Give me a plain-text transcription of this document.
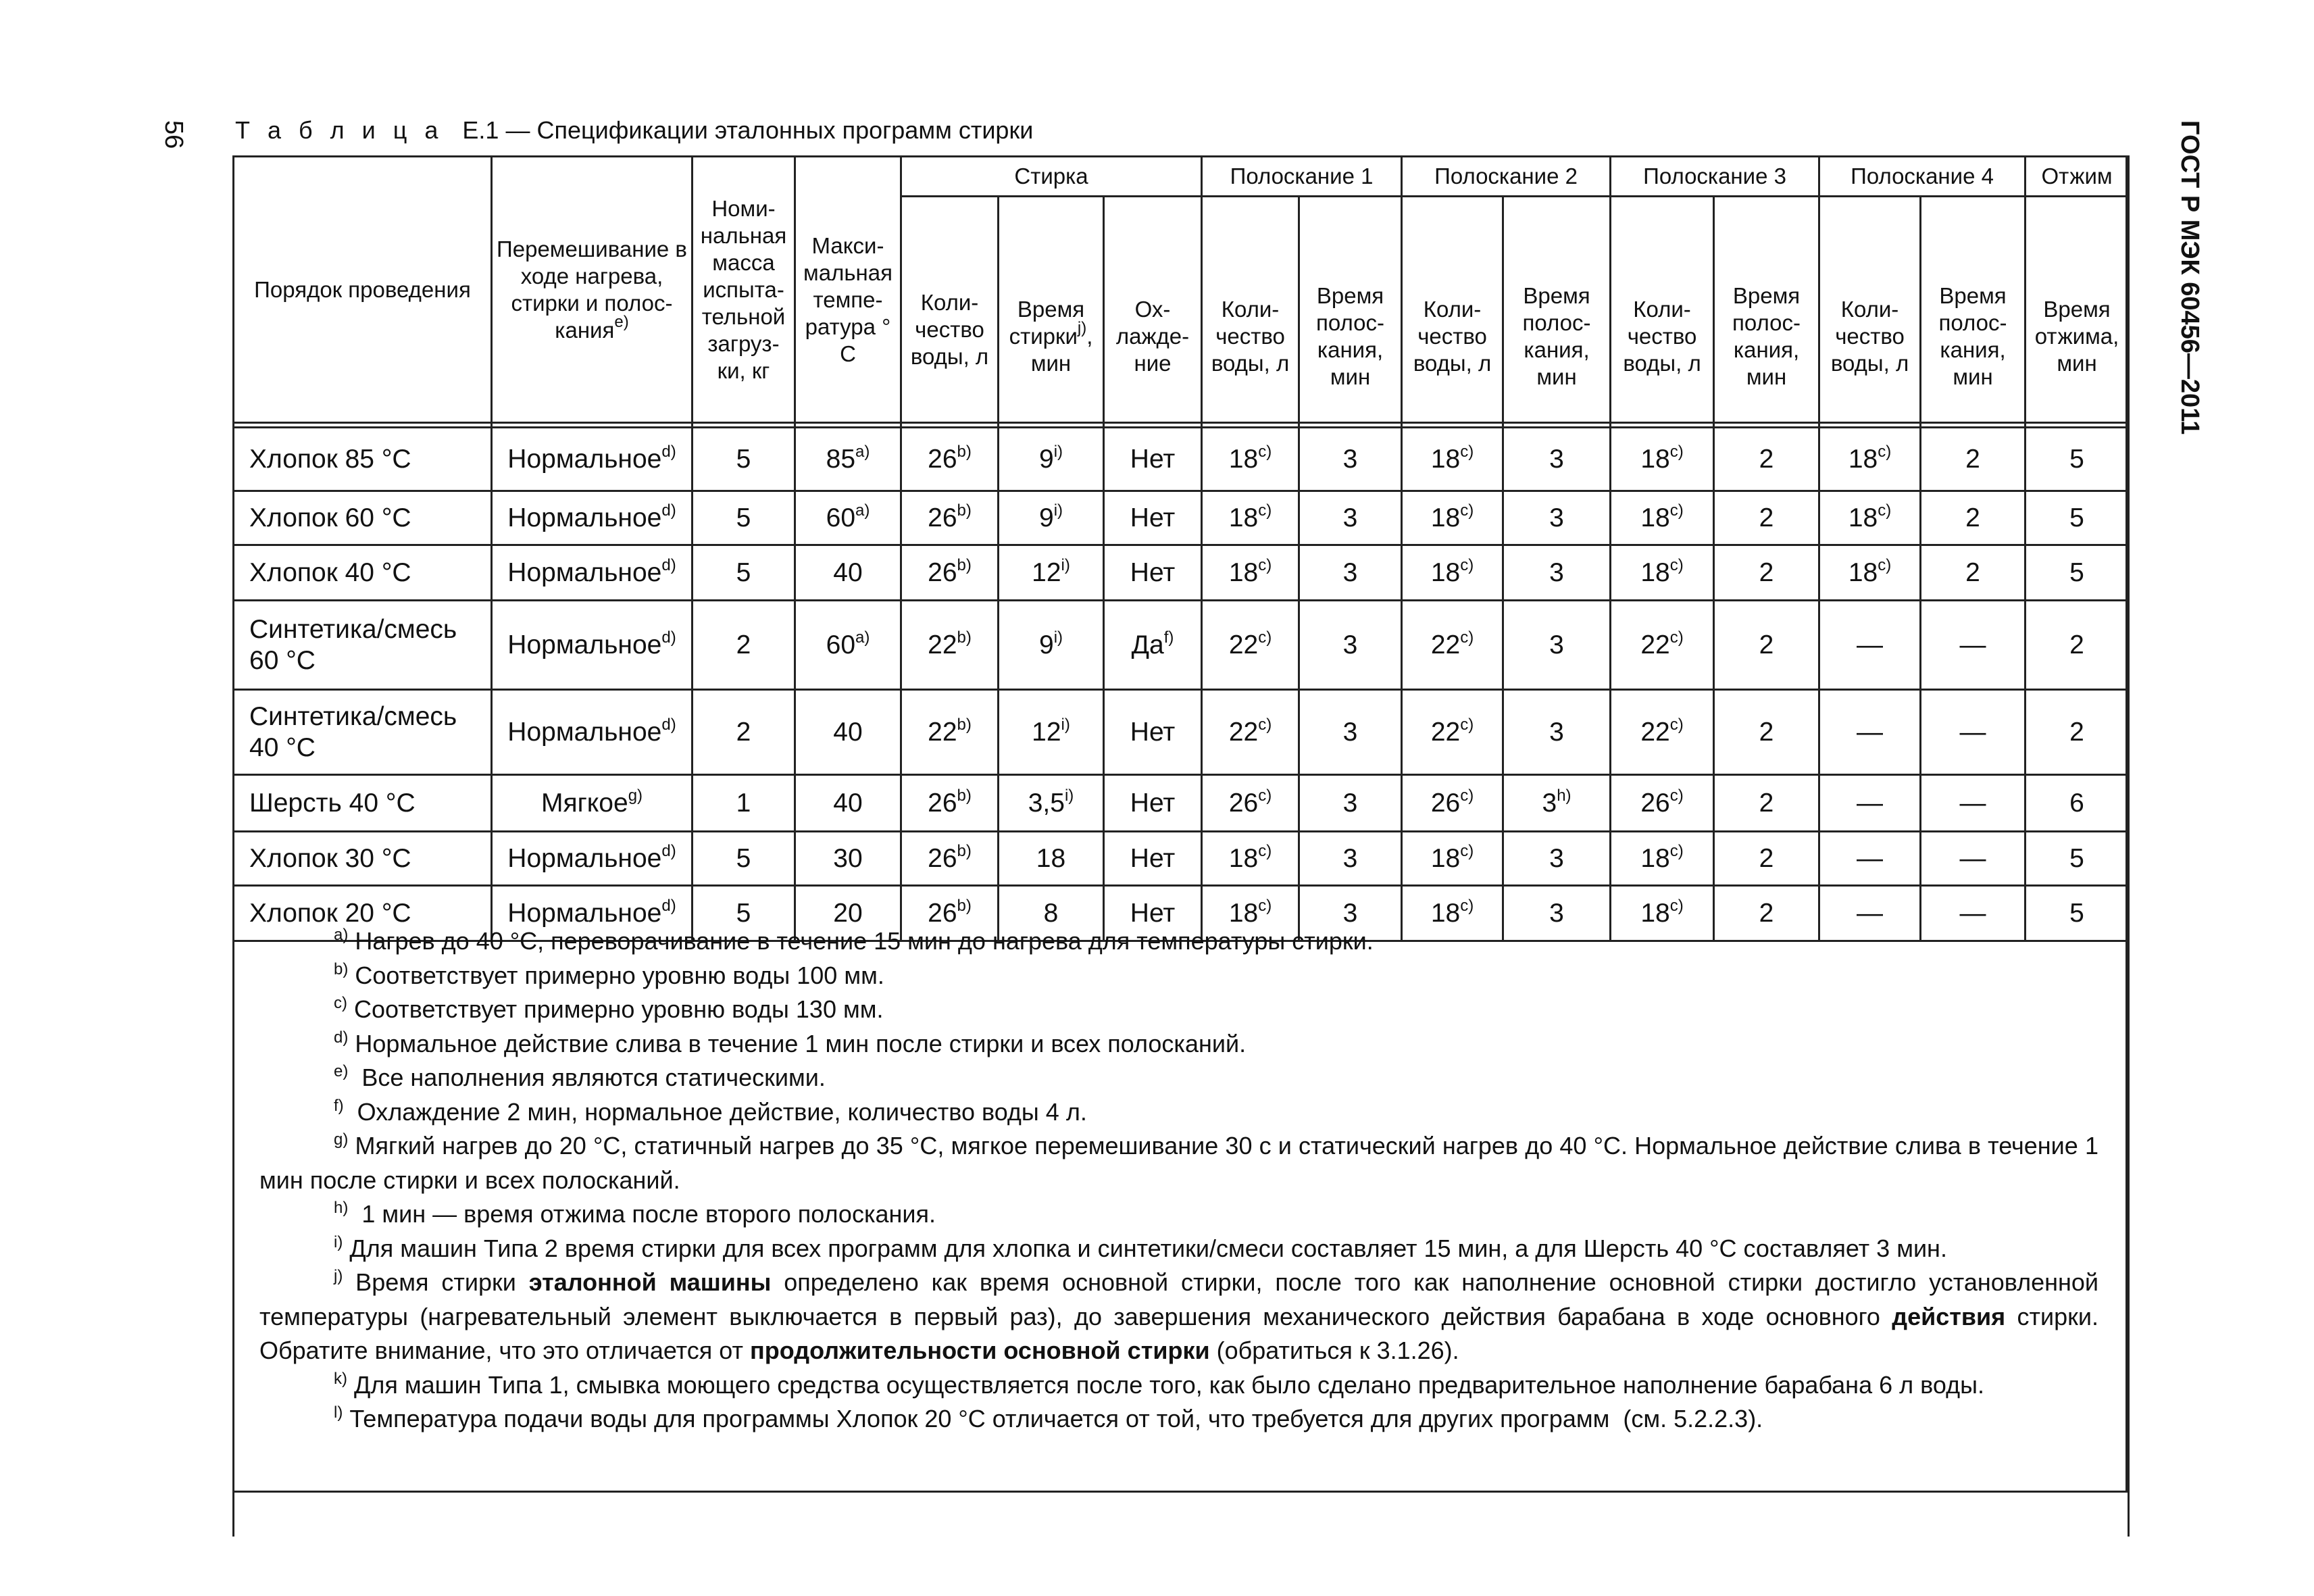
56	ГОСТ Р МЭК 60456—2011
Т а б л и ц а Е.1 — Спецификации эталонных программ стирки
Порядок проведения	Перемешивание в ходе нагрева, стирки и полоскания$^{е)}$	Номинальная масса испытательной загрузки, кг	Максимальная температура ° С	Стирка			Полоскание 1		Полоскание 2		Полоскание 3		Полоскание 4		Отжим
				Количество воды, л	Время стирки$^{j)}$, мин	Охлаждение	Количество воды, л	Время полоскания, мин	Количество воды, л	Время полоскания, мин	Количество воды, л	Время полоскания, мин	Количество воды, л	Время полоскания, мин	Время отжима, мин

Хлопок 85 °С	Нормальное$^{d)}$	5	85$^{a)}$	26$^{b)}$	9$^{i)}$	Нет	18$^{c)}$	3	18$^{c)}$	3	18$^{c)}$	2	18$^{c)}$	2	5
Хлопок 60 °С	Нормальное$^{d)}$	5	60$^{a)}$	26$^{b)}$	9$^{i)}$	Нет	18$^{c)}$	3	18$^{c)}$	3	18$^{c)}$	2	18$^{c)}$	2	5
Хлопок 40 °С	Нормальное$^{d)}$	5	40	26$^{b)}$	12$^{i)}$	Нет	18$^{c)}$	3	18$^{c)}$	3	18$^{c)}$	2	18$^{c)}$	2	5
Синтетика/смесь 60 °С	Нормальное$^{d)}$	2	60$^{a)}$	22$^{b)}$	9$^{i)}$	$Да^{f)}$	22$^{c)}$	3	22$^{c)}$	3	22$^{c)}$	2	—	—	2
Синтетика/смесь 40 °С	Нормальное$^{d)}$	2	40	22$^{b)}$	12$^{i)}$	Нет	22$^{c)}$	3	22$^{c)}$	3	22$^{c)}$	2	—	—	2
Шерсть 40 °С	Мягкое$^{g)}$	1	40	26$^{b)}$	3,5$^{i)}$	Нет	26$^{c)}$	3	26$^{c)}$	3$^{h)}$	26$^{c)}$	2	—	—	6
Хлопок 30 °С	Нормальное$^{d)}$	5	30	26$^{b)}$	18	Нет	18$^{c)}$	3	18$^{c)}$	3	18$^{c)}$	2	—	—	5
Хлопок 20 °С	Нормальное$^{d)}$	5	20	26$^{b)}$	8	Нет	18$^{c)}$	3	18$^{c)}$	3	18$^{c)}$	2	—	—	5

$^{a)}$ Нагрев до 40 °С, переворачивание в течение 15 мин до нагрева для температуры стирки.
$^{b)}$ Соответствует примерно уровню воды 100 мм.
$^{c)}$ Соответствует примерно уровню воды 130 мм.
$^{d)}$ Нормальное действие слива в течение 1 мин после стирки и всех полосканий.
$^{e)}$  Все наполнения являются статическими.
$^{f)}$  Охлаждение 2 мин, нормальное действие, количество воды 4 л.
$^{g)}$ Мягкий нагрев до 20 °С, статичный нагрев до 35 °С, мягкое перемешивание 30 с и статический нагрев до 40 °С. Нормальное действие слива в течение 1 мин после стирки и всех полосканий.
$^{h)}$  1 мин — время отжима после второго полоскания.
$^{i)}$ Для машин Типа 2 время стирки для всех программ для хлопка и синтетики/смеси составляет 15 мин, а для Шерсть 40 °С составляет 3 мин.
$^{j)}$ Время стирки эталонной машины определено как время основной стирки, после того как наполнение основной стирки достигло установленной температуры (нагревательный элемент выключается в первый раз), до завершения механического действия барабана в ходе основного действия стирки. Обратите внимание, что это отличается от продолжительности основной стирки (обратиться к 3.1.26).
$^{k)}$ Для машин Типа 1, смывка моющего средства осуществляется после того, как было сделано предварительное наполнение барабана 6 л воды.
$^{l)}$ Температура подачи воды для программы Хлопок 20 °С отличается от той, что требуется для других программ  (см. 5.2.2.3).
